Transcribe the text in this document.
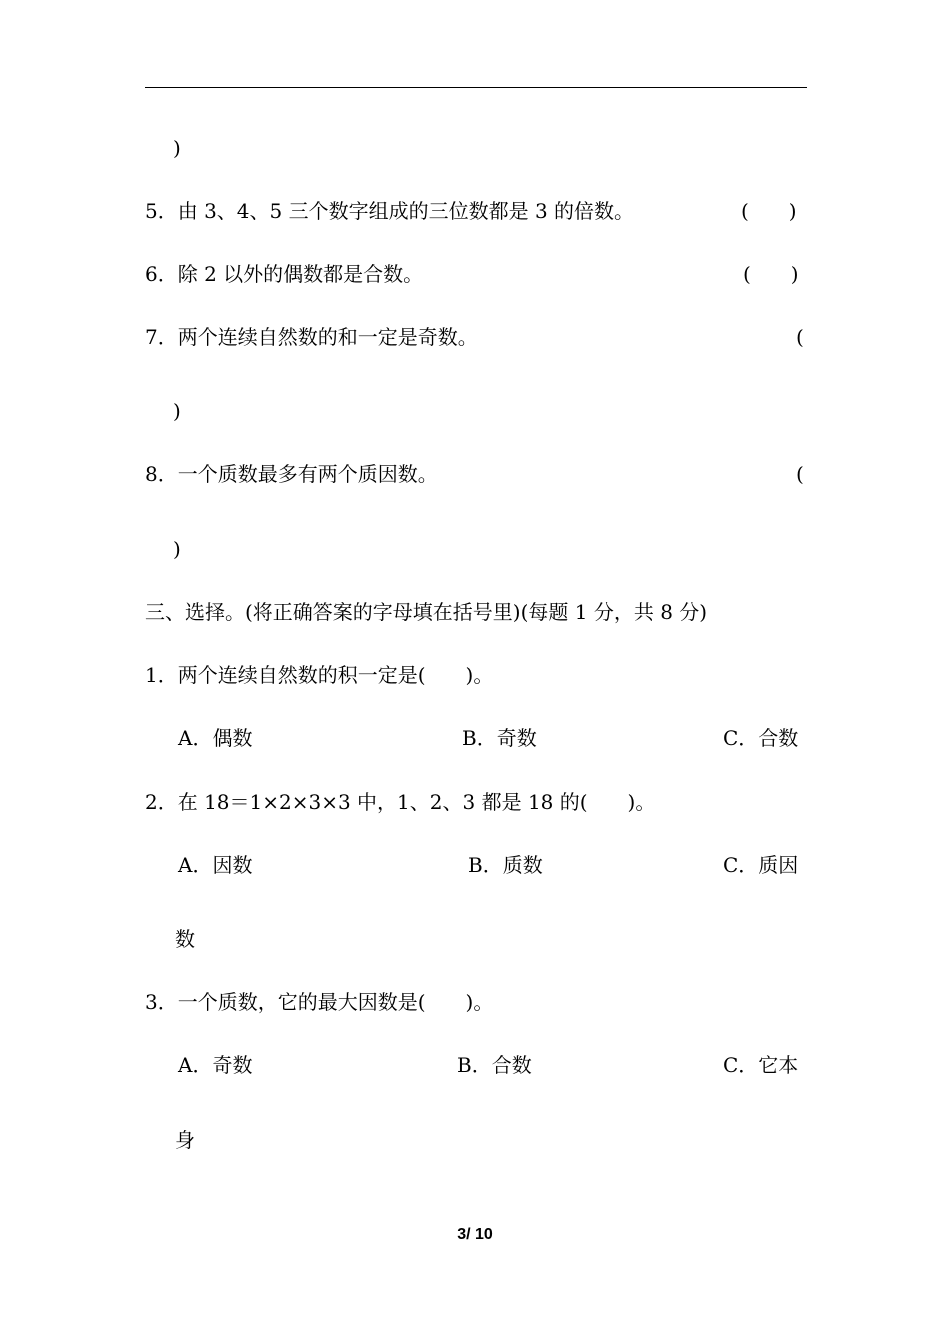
)
5．由 3、4、5 三个数字组成的三位数都是 3 的倍数。	(　　)
6．除 2 以外的偶数都是合数。	(　　)
7．两个连续自然数的和一定是奇数。	(
)
8．一个质数最多有两个质因数。	(
)
三、选择。(将正确答案的字母填在括号里)(每题 1 分，共 8 分)
1．两个连续自然数的积一定是(　　)。
A．偶数	B．奇数	C．合数
2．在 18＝1×2×3×3 中，1、2、3 都是 18 的(　　)。
A．因数	B．质数	C．质因
数
3．一个质数，它的最大因数是(　　)。
A．奇数	B．合数	C．它本
身
3/ 10
